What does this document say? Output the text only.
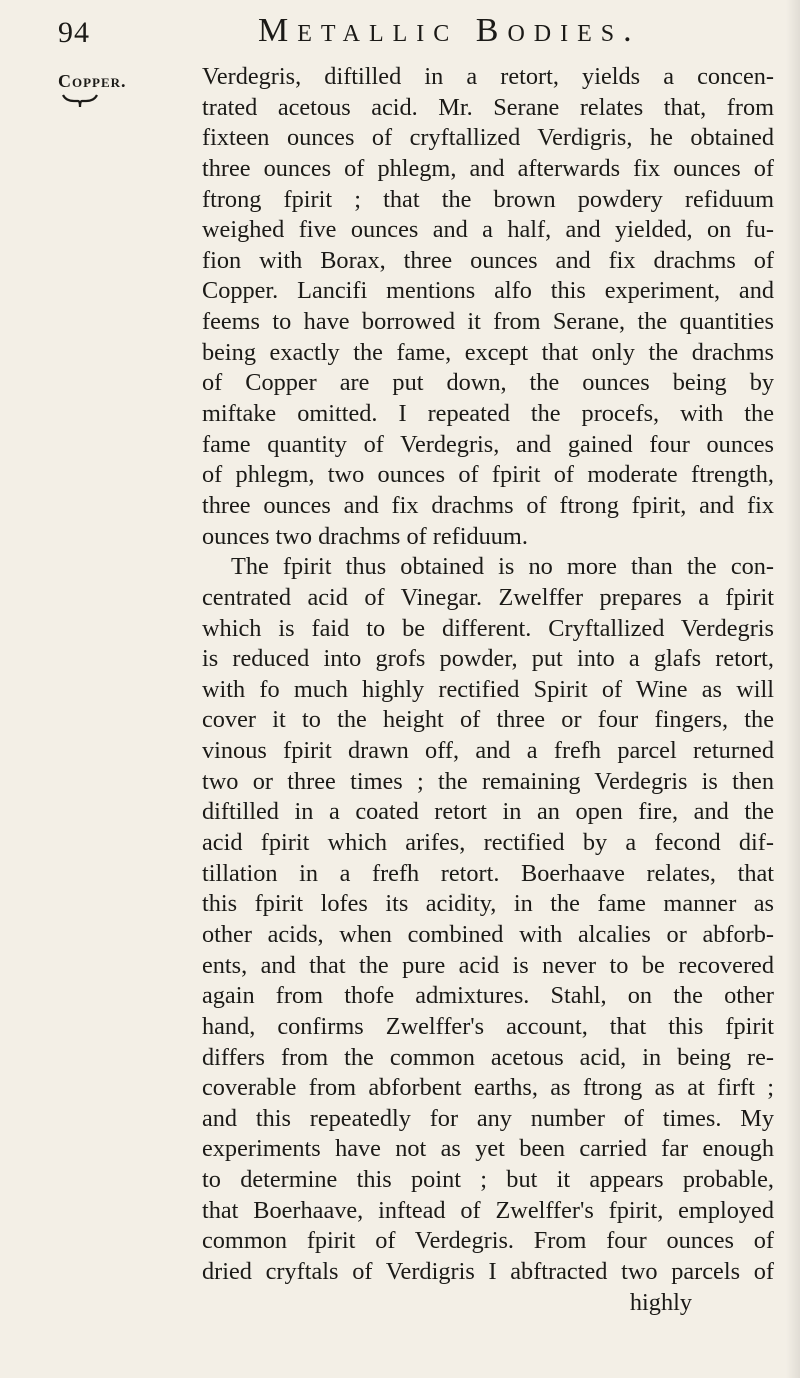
94	Metallic Bodies.
Copper.	Verdegris, diftilled in a retort, yields a concen-
trated acetous acid. Mr. Serane relates that, from
fixteen ounces of cryftallized Verdigris, he obtained
three ounces of phlegm, and afterwards fix ounces of
ftrong fpirit ; that the brown powdery refiduum
weighed five ounces and a half, and yielded, on fu-
fion with Borax, three ounces and fix drachms of
Copper. Lancifi mentions alfo this experiment, and
feems to have borrowed it from Serane, the quantities
being exactly the fame, except that only the drachms
of Copper are put down, the ounces being by
miftake omitted. I repeated the procefs, with the
fame quantity of Verdegris, and gained four ounces
of phlegm, two ounces of fpirit of moderate ftrength,
three ounces and fix drachms of ftrong fpirit, and fix
ounces two drachms of refiduum.
The fpirit thus obtained is no more than the con-
centrated acid of Vinegar. Zwelffer prepares a fpirit
which is faid to be different. Cryftallized Verdegris
is reduced into grofs powder, put into a glafs retort,
with fo much highly rectified Spirit of Wine as will
cover it to the height of three or four fingers, the
vinous fpirit drawn off, and a frefh parcel returned
two or three times ; the remaining Verdegris is then
diftilled in a coated retort in an open fire, and the
acid fpirit which arifes, rectified by a fecond dif-
tillation in a frefh retort. Boerhaave relates, that
this fpirit lofes its acidity, in the fame manner as
other acids, when combined with alcalies or abforb-
ents, and that the pure acid is never to be recovered
again from thofe admixtures. Stahl, on the other
hand, confirms Zwelffer's account, that this fpirit
differs from the common acetous acid, in being re-
coverable from abforbent earths, as ftrong as at firft ;
and this repeatedly for any number of times. My
experiments have not as yet been carried far enough
to determine this point ; but it appears probable,
that Boerhaave, inftead of Zwelffer's fpirit, employed
common fpirit of Verdegris. From four ounces of
dried cryftals of Verdigris I abftracted two parcels of
highly
